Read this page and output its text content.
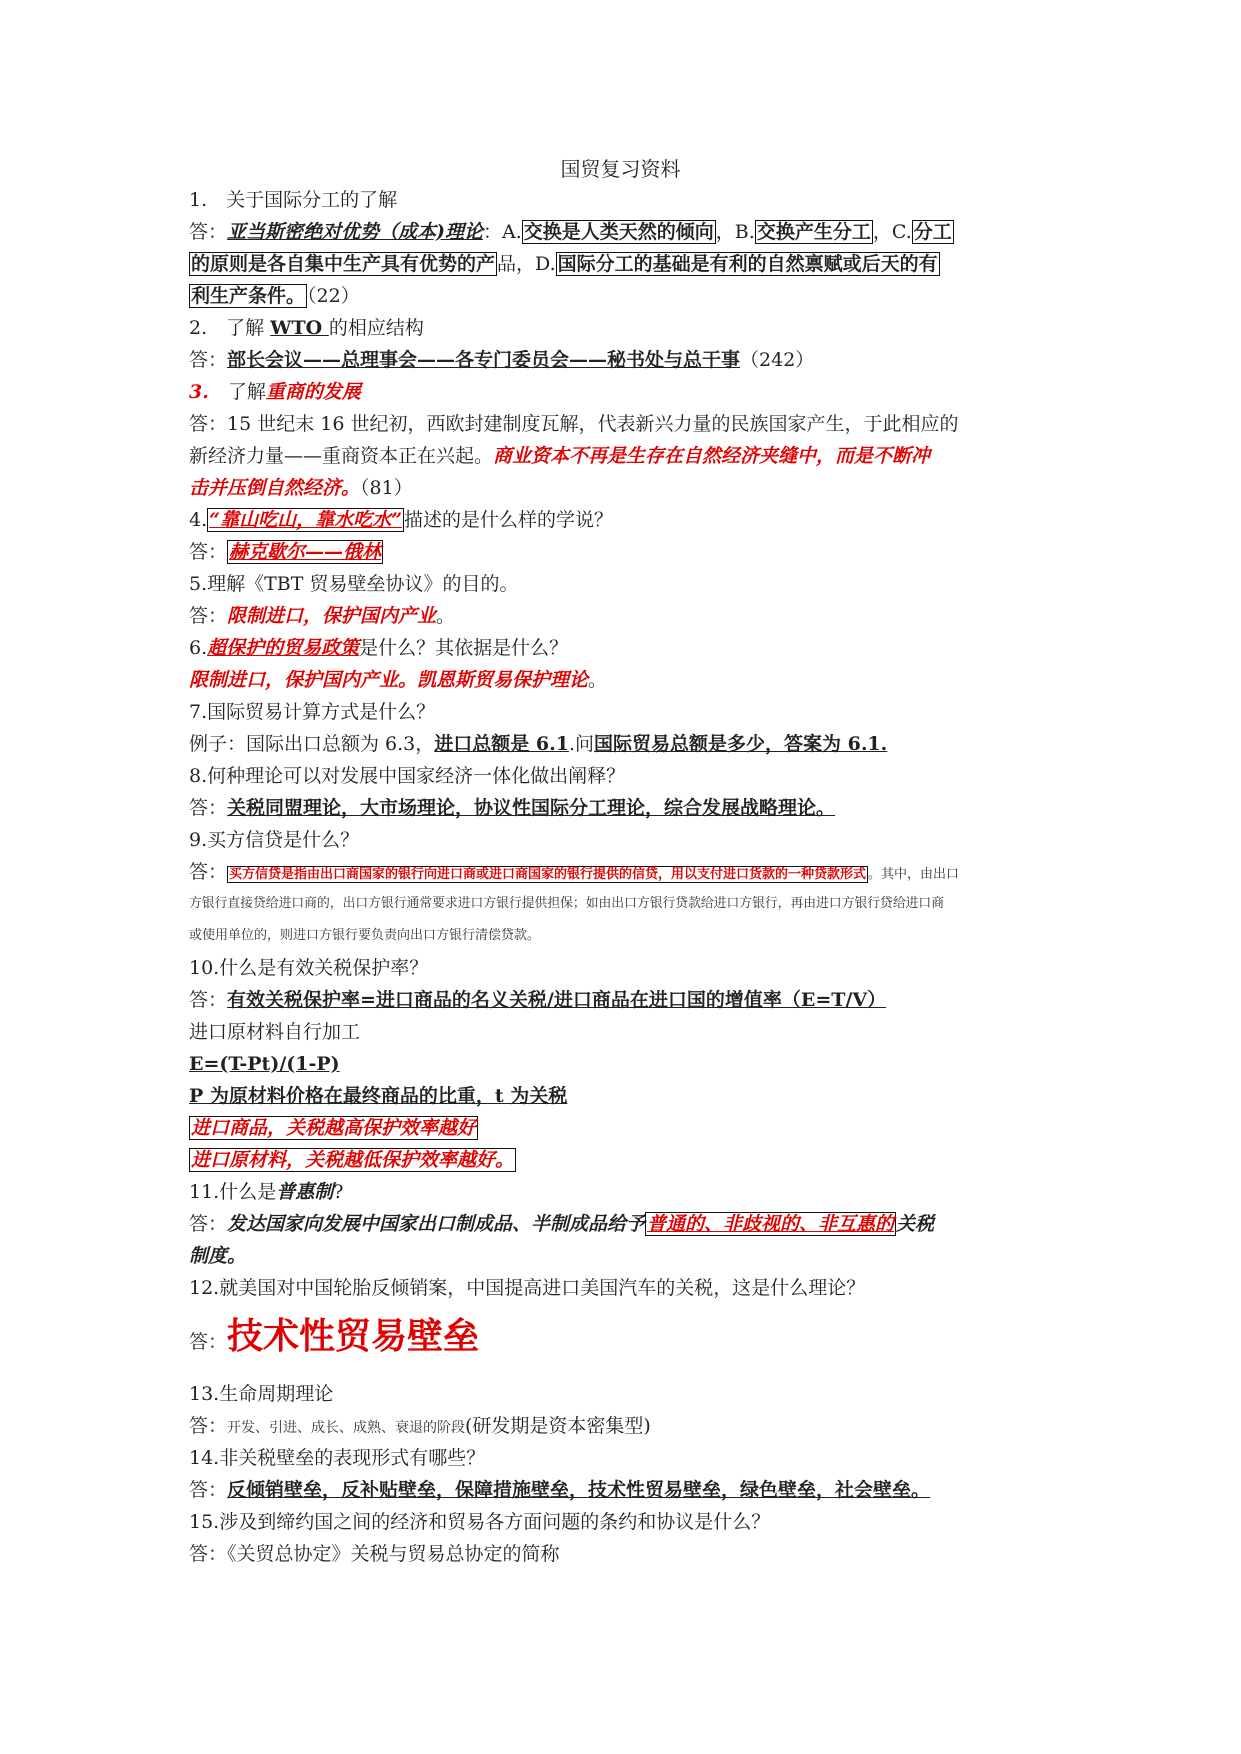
国贸复习资料
1.　关于国际分工的了解
答：亚当斯密绝对优势（成本)理论：A. 交换是人类天然的倾向 ，B. 交换产生分工 ，C. 分工
的原则是各自集中生产具有优势的产 品，D. 国际分工的基础是有利的自然禀赋或后天的有
利生产条件。 （22）
2.　了解 WTO 的相应结构
答：部长会议——总理事会——各专门委员会——秘书处与总干事（242）
3.　了解重商的发展
答：15 世纪末 16 世纪初，西欧封建制度瓦解，代表新兴力量的民族国家产生，于此相应的
新经济力量——重商资本正在兴起。商业资本不再是生存在自然经济夹缝中，而是不断冲
击并压倒自然经济。（81）
4. “靠山吃山，靠水吃水” 描述的是什么样的学说？
答： 赫克歇尔——俄林
5.理解《TBT 贸易壁垒协议》的目的。
答：限制进口，保护国内产业。
6.超保护的贸易政策是什么？其依据是什么？
限制进口，保护国内产业。凯恩斯贸易保护理论。
7.国际贸易计算方式是什么？
例子：国际出口总额为 6.3，进口总额是 6.1.问国际贸易总额是多少，答案为 6.1.
8.何种理论可以对发展中国家经济一体化做出阐释？
答：关税同盟理论，大市场理论，协议性国际分工理论，综合发展战略理论。
9.买方信贷是什么？
答： 买方信贷是指由出口商国家的银行向进口商或进口商国家的银行提供的信贷，用以支付进口货款的一种贷款形式 。其中，由出口
方银行直接贷给进口商的，出口方银行通常要求进口方银行提供担保；如由出口方银行贷款给进口方银行，再由进口方银行贷给进口商
或使用单位的，则进口方银行要负责向出口方银行清偿贷款。
10.什么是有效关税保护率？
答：有效关税保护率=进口商品的名义关税/进口商品在进口国的增值率（E=T/V）
进口原材料自行加工
E=(T-Pt)/(1-P)
P 为原材料价格在最终商品的比重，t 为关税
进口商品，关税越高保护效率越好
进口原材料，关税越低保护效率越好。
11.什么是普惠制?
答：发达国家向发展中国家出口制成品、半制成品给予 普通的、非歧视的、非互惠的 关税
制度。
12.就美国对中国轮胎反倾销案，中国提高进口美国汽车的关税，这是什么理论？
答：技术性贸易壁垒
13.生命周期理论
答：开发、引进、成长、成熟、衰退的阶段(研发期是资本密集型)
14.非关税壁垒的表现形式有哪些？
答：反倾销壁垒，反补贴壁垒，保障措施壁垒，技术性贸易壁垒，绿色壁垒，社会壁垒。
15.涉及到缔约国之间的经济和贸易各方面问题的条约和协议是什么？
答：《关贸总协定》关税与贸易总协定的简称
